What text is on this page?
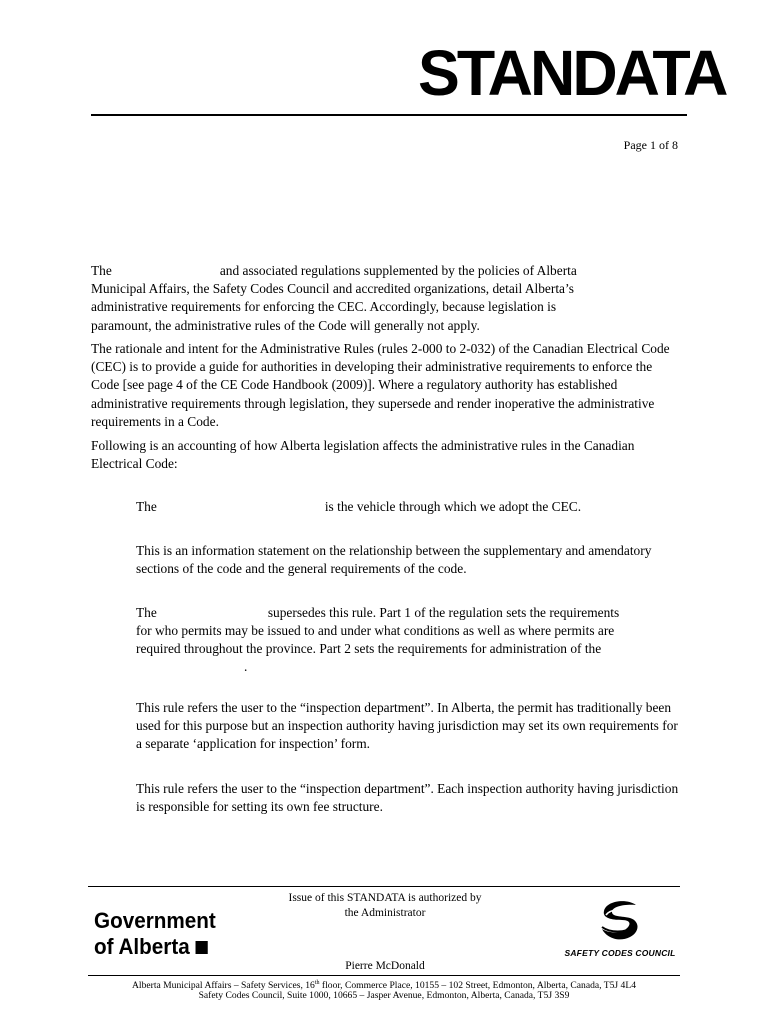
STANDATA
Page 1 of 8
The	and associated regulations supplemented by the policies of Alberta
Municipal Affairs, the Safety Codes Council and accredited organizations, detail Alberta’s
administrative requirements for enforcing the CEC. Accordingly, because legislation is
paramount, the administrative rules of the Code will generally not apply.
The rationale and intent for the Administrative Rules (rules 2-000 to 2-032) of the Canadian Electrical Code (CEC) is to provide a guide for authorities in developing their administrative requirements to enforce the Code [see page 4 of the CE Code Handbook (2009)]. Where a regulatory authority has established administrative requirements through legislation, they supersede and render inoperative the administrative requirements in a Code.
Following is an accounting of how Alberta legislation affects the administrative rules in the Canadian Electrical Code:
The	is the vehicle through which we adopt the CEC.
This is an information statement on the relationship between the supplementary and amendatory sections of the code and the general requirements of the code.
The	supersedes this rule. Part 1 of the regulation sets the requirements
for who permits may be issued to and under what conditions as well as where permits are
required throughout the province. Part 2 sets the requirements for administration of the
.
This rule refers the user to the “inspection department”. In Alberta, the permit has traditionally been used for this purpose but an inspection authority having jurisdiction may set its own requirements for a separate ‘application for inspection’ form.
This rule refers the user to the “inspection department”. Each inspection authority having jurisdiction is responsible for setting its own fee structure.
Government
of Alberta
Issue of this STANDATA is authorized by
the Administrator
Pierre McDonald
SAFETY CODES COUNCIL
Alberta Municipal Affairs – Safety Services, 16th floor, Commerce Place, 10155 – 102 Street, Edmonton, Alberta, Canada, T5J 4L4
Safety Codes Council, Suite 1000, 10665 – Jasper Avenue, Edmonton, Alberta, Canada, T5J 3S9
